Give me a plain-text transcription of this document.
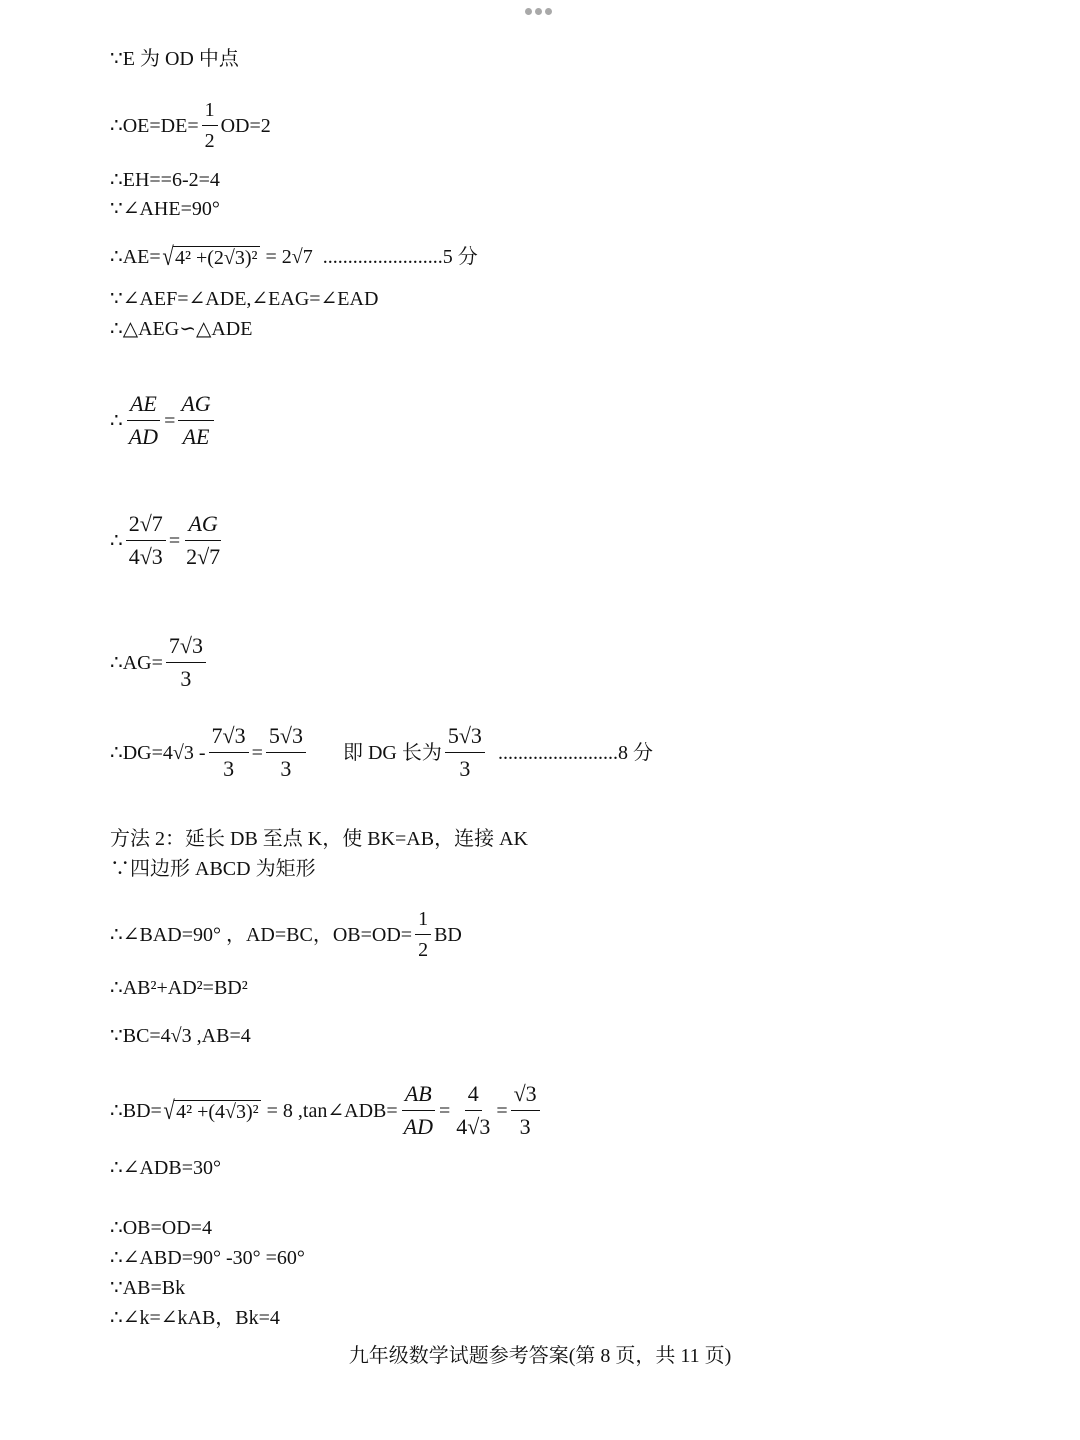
∵E 为 OD 中点
∴OE=DE= $\frac{1}{2} OD=2$
∴EH==6-2=4
∵∠AHE=90°
∴AE= √ 4² +(2√3)² = 2√7 ........................5 分
∵∠AEF=∠ADE,∠EAG=∠EAD
∴△AEG∽△ADE
∴ $\frac{AE}{AD} = \frac{AG}{AE}$
∴ $\frac{2√7}{4√3} = \frac{AG}{2√7}$
∴AG= $\frac{7√3}{3}$
∴DG=4√3 - $\frac{7√3}{3} = \frac{5√3}{3}$ 即 DG 长为 $\frac{5√3}{3} ........................8$ 分
方法 2：延长 DB 至点 K，使 BK=AB，连接 AK
∵四边形 ABCD 为矩形
∴∠BAD=90° ，AD=BC，$OB=OD= \frac{1}{2}$ BD
∴AB²+AD²=BD²
∵BC=4√3 ,AB=4
∴BD= √ 4² +(4√3)² = 8 ,tan∠ADB= $\frac{AB}{AD} = \frac{4}{4√3} = \frac{√3}{3}$
∴∠ADB=30°
∴OB=OD=4
∴∠ABD=90° -30° =60°
∵AB=Bk
∴∠k=∠kAB，Bk=4
九年级数学试题参考答案(第 8 页，共 11 页)
